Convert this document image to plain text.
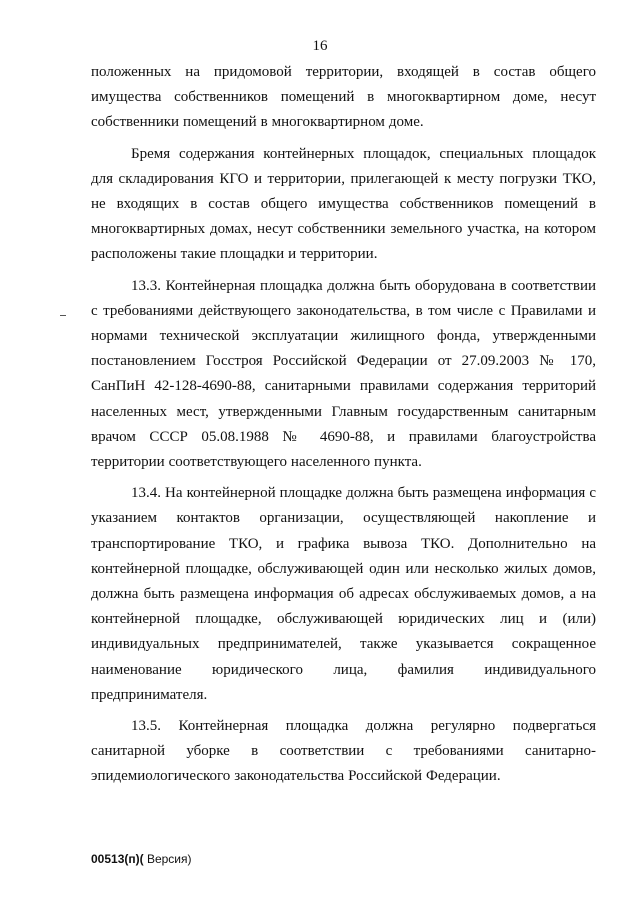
16

положенных на придомовой территории, входящей в состав общего имущества собственников помещений в многоквартирном доме, несут собственники помещений в многоквартирном доме.

Бремя содержания контейнерных площадок, специальных площадок для складирования КГО и территории, прилегающей к месту погрузки ТКО, не входящих в состав общего имущества собственников помещений в многоквартирных домах, несут собственники земельного участка, на котором расположены такие площадки и территории.

13.3. Контейнерная площадка должна быть оборудована в соответствии с требованиями действующего законодательства, в том числе с Правилами и нормами технической эксплуатации жилищного фонда, утвержденными постановлением Госстроя Российской Федерации от 27.09.2003 № 170, СанПиН 42-128-4690-88, санитарными правилами содержания территорий населенных мест, утвержденными Главным государственным санитарным врачом СССР 05.08.1988 № 4690-88, и правилами благоустройства территории соответствующего населенного пункта.

13.4. На контейнерной площадке должна быть размещена информация с указанием контактов организации, осуществляющей накопление и транспортирование ТКО, и графика вывоза ТКО. Дополнительно на контейнерной площадке, обслуживающей один или несколько жилых домов, должна быть размещена информация об адресах обслуживаемых домов, а на контейнерной площадке, обслуживающей юридических лиц и (или) индивидуальных предпринимателей, также указывается сокращенное наименование юридического лица, фамилия индивидуального предпринимателя.

13.5. Контейнерная площадка должна регулярно подвергаться санитарной уборке в соответствии с требованиями санитарно-эпидемиологического законодательства Российской Федерации.

00513(п)( Версия)
